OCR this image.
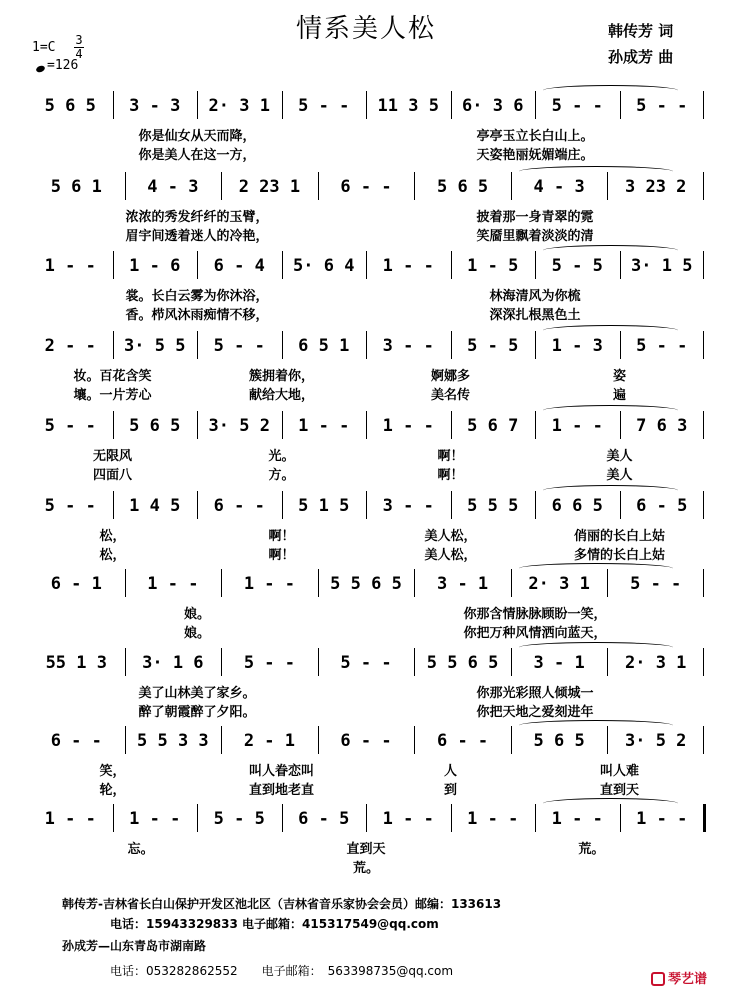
情系美人松	韩传芳 词
孙成芳 曲
1=C 3
4
=126
5 6 5	3 - 3	2· 3 1	5 - -	11 3 5	6· 3 6	5 - -	5 - -
你是仙女从天而降，	亭亭玉立长白山上。
你是美人在这一方，	天姿艳丽妩媚端庄。
5 6 1	4 - 3	2 23 1	6 - -	5 6 5	4 - 3	3 23 2
浓浓的秀发纤纤的玉臂，	披着那一身青翠的霓
眉宇间透着迷人的冷艳，	笑靥里飘着淡淡的清
1 - -	1 - 6	6 - 4	5· 6 4	1 - -	1 - 5	5 - 5	3· 1 5
裳。长白云雾为你沐浴，	林海清风为你梳
香。栉风沐雨痴情不移，	深深扎根黑色土
2 - -	3· 5 5	5 - -	6 5 1	3 - -	5 - 5	1 - 3	5 - -
妆。百花含笑	簇拥着你，	婀娜多	姿
壤。一片芳心	献给大地，	美名传	遍
5 - -	5 6 5	3· 5 2	1 - -	1 - -	5 6 7	1 - -	7 6 3
无限风	光。	啊！	美人
四面八	方。	啊！	美人
5 - -	1 4 5	6 - -	5 1 5	3 - -	5 5 5	6 6 5	6 - 5
松，	啊！	美人松，	俏丽的长白上姑
松，	啊！	美人松，	多情的长白上姑
6 - 1	1 - -	1 - -	5 5 6 5	3 - 1	2· 3 1	5 - -
娘。	你那含情脉脉顾盼一笑，
娘。	你把万种风情洒向蓝天，
55 1 3	3· 1 6	5 - -	5 - -	5 5 6 5	3 - 1	2· 3 1
美了山林美了家乡。	你那光彩照人倾城一
醉了朝霞醉了夕阳。	你把天地之爱刻进年
6 - -	5 5 3 3	2 - 1	6 - -	6 - -	5 6 5	3· 5 2
笑，	叫人眷恋叫	人	叫人难
轮，	直到地老直	到	直到天
1 - -	1 - -	5 - 5	6 - 5	1 - -	1 - -	1 - -	1 - -
忘。	直到天	荒。
荒。
韩传芳-吉林省长白山保护开发区池北区（吉林省音乐家协会会员）邮编：133613
电话：15943329833 电子邮箱：415317549@qq.com
孙成芳—山东青岛市湖南路
电话：053282862552　　电子邮箱：　563398735@qq.com
琴艺谱
